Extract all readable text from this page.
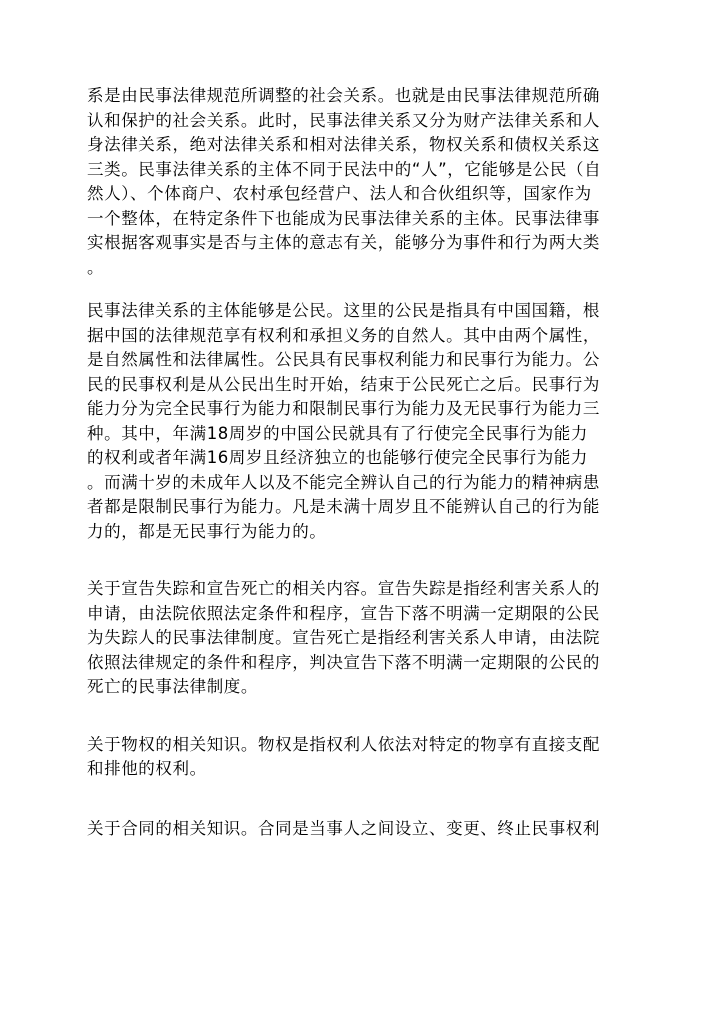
系是由民事法律规范所调整的社会关系。也就是由民事法律规范所确
认和保护的社会关系。此时，民事法律关系又分为财产法律关系和人
身法律关系，绝对法律关系和相对法律关系，物权关系和债权关系这
三类。民事法律关系的主体不同于民法中的“人”，它能够是公民（自
然人）、个体商户、农村承包经营户、法人和合伙组织等，国家作为
一个整体，在特定条件下也能成为民事法律关系的主体。民事法律事
实根据客观事实是否与主体的意志有关，能够分为事件和行为两大类
。

民事法律关系的主体能够是公民。这里的公民是指具有中国国籍，根
据中国的法律规范享有权利和承担义务的自然人。其中由两个属性，
是自然属性和法律属性。公民具有民事权利能力和民事行为能力。公
民的民事权利是从公民出生时开始，结束于公民死亡之后。民事行为
能力分为完全民事行为能力和限制民事行为能力及无民事行为能力三
种。其中，年满18周岁的中国公民就具有了行使完全民事行为能力
的权利或者年满16周岁且经济独立的也能够行使完全民事行为能力
。而满十岁的未成年人以及不能完全辨认自己的行为能力的精神病患
者都是限制民事行为能力。凡是未满十周岁且不能辨认自己的行为能
力的，都是无民事行为能力的。

关于宣告失踪和宣告死亡的相关内容。宣告失踪是指经利害关系人的
申请，由法院依照法定条件和程序，宣告下落不明满一定期限的公民
为失踪人的民事法律制度。宣告死亡是指经利害关系人申请，由法院
依照法律规定的条件和程序，判决宣告下落不明满一定期限的公民的
死亡的民事法律制度。

关于物权的相关知识。物权是指权利人依法对特定的物享有直接支配
和排他的权利。

关于合同的相关知识。合同是当事人之间设立、变更、终止民事权利
